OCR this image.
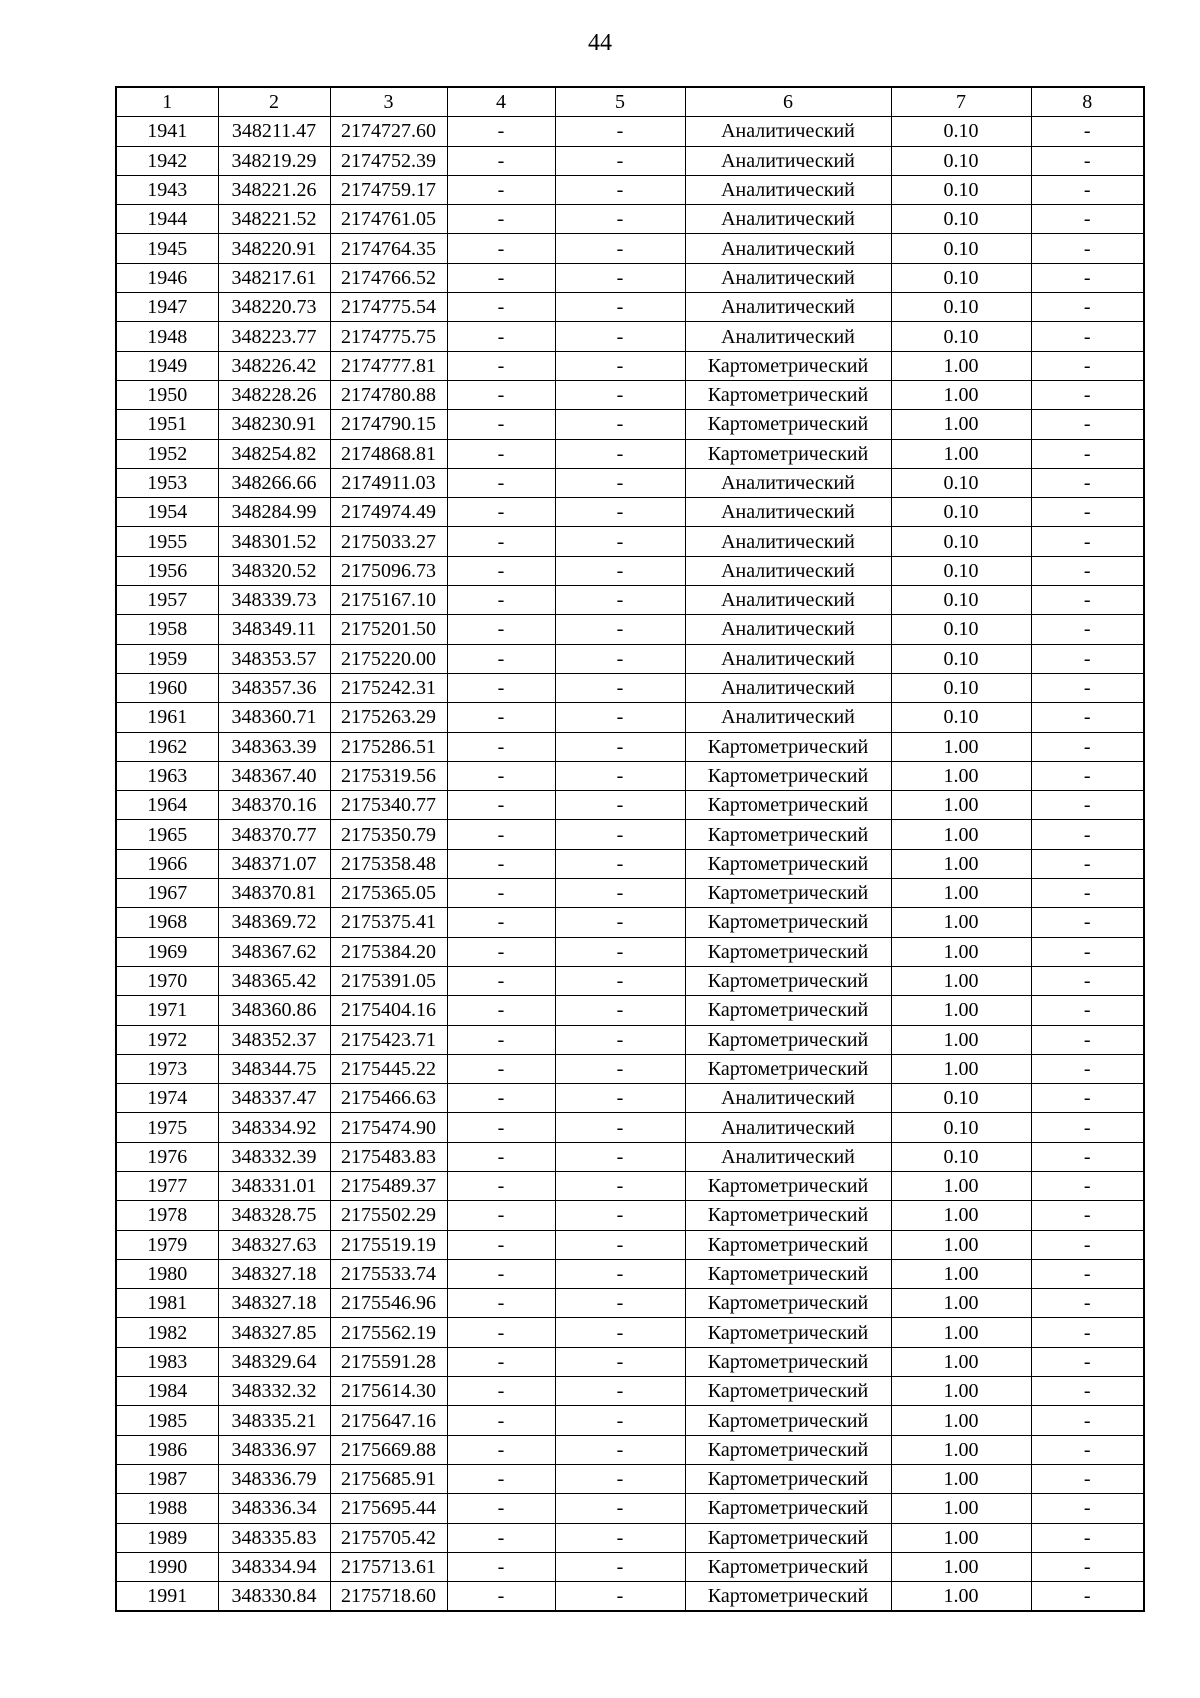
44
1	2	3	4	5	6	7	8
1941	348211.47	2174727.60	-	-	Аналитический	0.10	-
1942	348219.29	2174752.39	-	-	Аналитический	0.10	-
1943	348221.26	2174759.17	-	-	Аналитический	0.10	-
1944	348221.52	2174761.05	-	-	Аналитический	0.10	-
1945	348220.91	2174764.35	-	-	Аналитический	0.10	-
1946	348217.61	2174766.52	-	-	Аналитический	0.10	-
1947	348220.73	2174775.54	-	-	Аналитический	0.10	-
1948	348223.77	2174775.75	-	-	Аналитический	0.10	-
1949	348226.42	2174777.81	-	-	Картометрический	1.00	-
1950	348228.26	2174780.88	-	-	Картометрический	1.00	-
1951	348230.91	2174790.15	-	-	Картометрический	1.00	-
1952	348254.82	2174868.81	-	-	Картометрический	1.00	-
1953	348266.66	2174911.03	-	-	Аналитический	0.10	-
1954	348284.99	2174974.49	-	-	Аналитический	0.10	-
1955	348301.52	2175033.27	-	-	Аналитический	0.10	-
1956	348320.52	2175096.73	-	-	Аналитический	0.10	-
1957	348339.73	2175167.10	-	-	Аналитический	0.10	-
1958	348349.11	2175201.50	-	-	Аналитический	0.10	-
1959	348353.57	2175220.00	-	-	Аналитический	0.10	-
1960	348357.36	2175242.31	-	-	Аналитический	0.10	-
1961	348360.71	2175263.29	-	-	Аналитический	0.10	-
1962	348363.39	2175286.51	-	-	Картометрический	1.00	-
1963	348367.40	2175319.56	-	-	Картометрический	1.00	-
1964	348370.16	2175340.77	-	-	Картометрический	1.00	-
1965	348370.77	2175350.79	-	-	Картометрический	1.00	-
1966	348371.07	2175358.48	-	-	Картометрический	1.00	-
1967	348370.81	2175365.05	-	-	Картометрический	1.00	-
1968	348369.72	2175375.41	-	-	Картометрический	1.00	-
1969	348367.62	2175384.20	-	-	Картометрический	1.00	-
1970	348365.42	2175391.05	-	-	Картометрический	1.00	-
1971	348360.86	2175404.16	-	-	Картометрический	1.00	-
1972	348352.37	2175423.71	-	-	Картометрический	1.00	-
1973	348344.75	2175445.22	-	-	Картометрический	1.00	-
1974	348337.47	2175466.63	-	-	Аналитический	0.10	-
1975	348334.92	2175474.90	-	-	Аналитический	0.10	-
1976	348332.39	2175483.83	-	-	Аналитический	0.10	-
1977	348331.01	2175489.37	-	-	Картометрический	1.00	-
1978	348328.75	2175502.29	-	-	Картометрический	1.00	-
1979	348327.63	2175519.19	-	-	Картометрический	1.00	-
1980	348327.18	2175533.74	-	-	Картометрический	1.00	-
1981	348327.18	2175546.96	-	-	Картометрический	1.00	-
1982	348327.85	2175562.19	-	-	Картометрический	1.00	-
1983	348329.64	2175591.28	-	-	Картометрический	1.00	-
1984	348332.32	2175614.30	-	-	Картометрический	1.00	-
1985	348335.21	2175647.16	-	-	Картометрический	1.00	-
1986	348336.97	2175669.88	-	-	Картометрический	1.00	-
1987	348336.79	2175685.91	-	-	Картометрический	1.00	-
1988	348336.34	2175695.44	-	-	Картометрический	1.00	-
1989	348335.83	2175705.42	-	-	Картометрический	1.00	-
1990	348334.94	2175713.61	-	-	Картометрический	1.00	-
1991	348330.84	2175718.60	-	-	Картометрический	1.00	-
